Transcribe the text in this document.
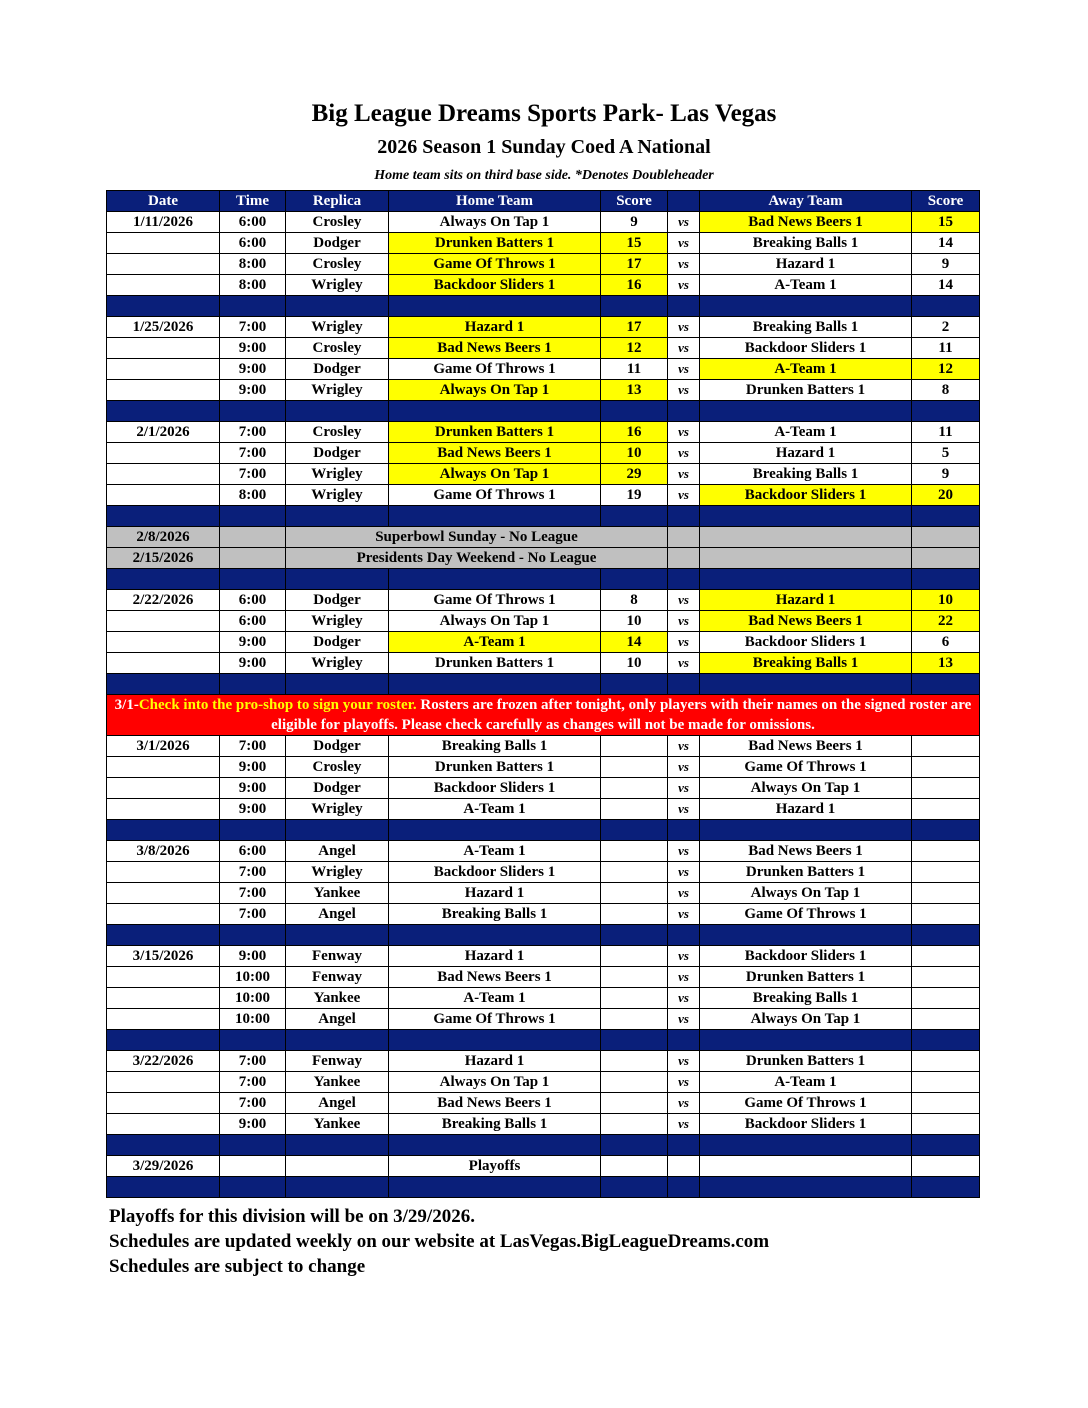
Big League Dreams Sports Park- Las Vegas
2026 Season 1 Sunday Coed A National
Home team sits on third base side. *Denotes Doubleheader
Date	Time	Replica	Home Team	Score		Away Team	Score
1/11/2026	6:00	Crosley	Always On Tap 1	9	vs	Bad News Beers 1	15
	6:00	Dodger	Drunken Batters 1	15	vs	Breaking Balls 1	14
	8:00	Crosley	Game Of Throws 1	17	vs	Hazard 1	9
	8:00	Wrigley	Backdoor Sliders 1	16	vs	A-Team 1	14

1/25/2026	7:00	Wrigley	Hazard 1	17	vs	Breaking Balls 1	2
	9:00	Crosley	Bad News Beers 1	12	vs	Backdoor Sliders 1	11
	9:00	Dodger	Game Of Throws 1	11	vs	A-Team 1	12
	9:00	Wrigley	Always On Tap 1	13	vs	Drunken Batters 1	8

2/1/2026	7:00	Crosley	Drunken Batters 1	16	vs	A-Team 1	11
	7:00	Dodger	Bad News Beers 1	10	vs	Hazard 1	5
	7:00	Wrigley	Always On Tap 1	29	vs	Breaking Balls 1	9
	8:00	Wrigley	Game Of Throws 1	19	vs	Backdoor Sliders 1	20

2/8/2026		Superbowl Sunday - No League					
2/15/2026		Presidents Day Weekend - No League					

2/22/2026	6:00	Dodger	Game Of Throws 1	8	vs	Hazard 1	10
	6:00	Wrigley	Always On Tap 1	10	vs	Bad News Beers 1	22
	9:00	Dodger	A-Team 1	14	vs	Backdoor Sliders 1	6
	9:00	Wrigley	Drunken Batters 1	10	vs	Breaking Balls 1	13

3/1-Check into the pro-shop to sign your roster. Rosters are frozen after tonight, only players with their names on the signed roster are eligible for playoffs. Please check carefully as changes will not be made for omissions.							
3/1/2026	7:00	Dodger	Breaking Balls 1		vs	Bad News Beers 1	
	9:00	Crosley	Drunken Batters 1		vs	Game Of Throws 1	
	9:00	Dodger	Backdoor Sliders 1		vs	Always On Tap 1	
	9:00	Wrigley	A-Team 1		vs	Hazard 1	

3/8/2026	6:00	Angel	A-Team 1		vs	Bad News Beers 1	
	7:00	Wrigley	Backdoor Sliders 1		vs	Drunken Batters 1	
	7:00	Yankee	Hazard 1		vs	Always On Tap 1	
	7:00	Angel	Breaking Balls 1		vs	Game Of Throws 1	

3/15/2026	9:00	Fenway	Hazard 1		vs	Backdoor Sliders 1	
	10:00	Fenway	Bad News Beers 1		vs	Drunken Batters 1	
	10:00	Yankee	A-Team 1		vs	Breaking Balls 1	
	10:00	Angel	Game Of Throws 1		vs	Always On Tap 1	

3/22/2026	7:00	Fenway	Hazard 1		vs	Drunken Batters 1	
	7:00	Yankee	Always On Tap 1		vs	A-Team 1	
	7:00	Angel	Bad News Beers 1		vs	Game Of Throws 1	
	9:00	Yankee	Breaking Balls 1		vs	Backdoor Sliders 1	

3/29/2026			Playoffs				

Playoffs for this division will be on 3/29/2026.
Schedules are updated weekly on our website at LasVegas.BigLeagueDreams.com
Schedules are subject to change
